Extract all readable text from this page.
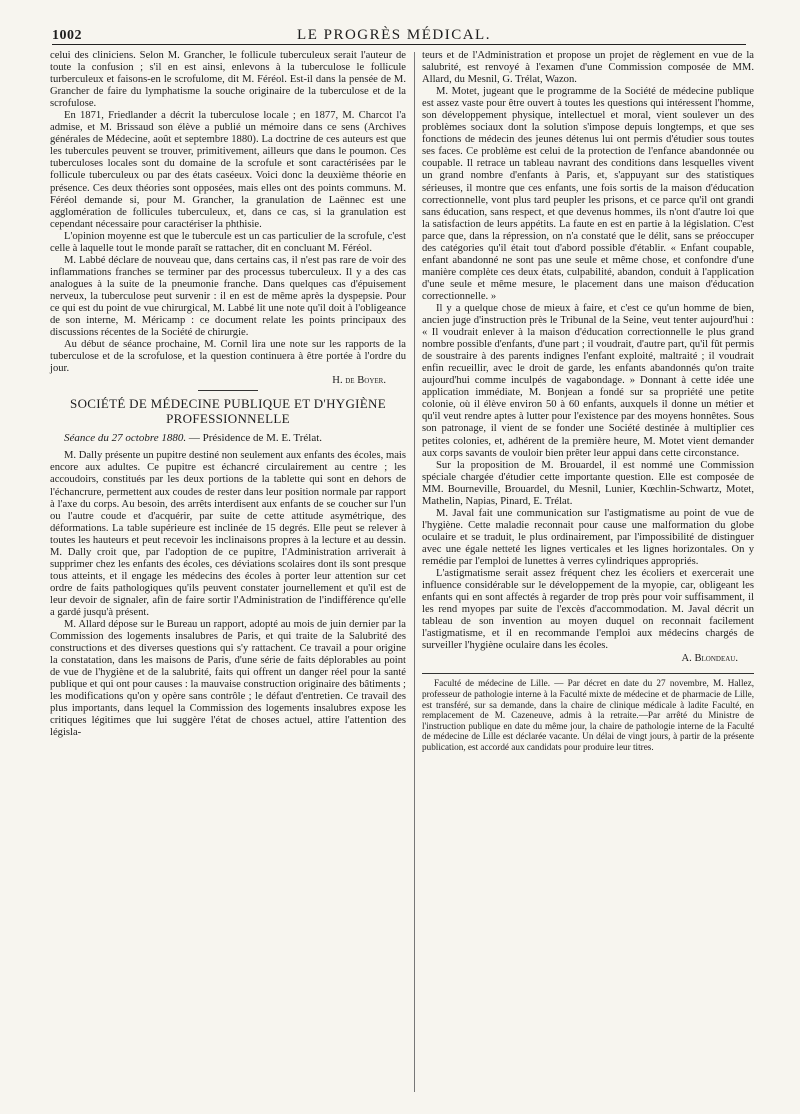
1002	LE PROGRÈS MÉDICAL.

celui des cliniciens. Selon M. Grancher, le follicule tuberculeux serait l'auteur de toute la confusion ; s'il en est ainsi, enlevons à la tuberculose le follicule turberculeux et faisons-en le scrofulome, dit M. Féréol. Est-il dans la pensée de M. Grancher de faire du lymphatisme la souche originaire de la tuberculose et de la scrofulose.

En 1871, Friedlander a décrit la tuberculose locale ; en 1877, M. Charcot l'a admise, et M. Brissaud son élève a publié un mémoire dans ce sens (Archives générales de Médecine, août et septembre 1880). La doctrine de ces auteurs est que les tubercules peuvent se trouver, primitivement, ailleurs que dans le poumon. Ces tuberculoses locales sont du domaine de la scrofule et sont caractérisées par le follicule tuberculeux ou par des états caséeux. Voici donc la deuxième théorie en présence. Ces deux théories sont opposées, mais elles ont des points communs. M. Féréol demande si, pour M. Grancher, la granulation de Laënnec est une agglomération de follicules tuberculeux, et, dans ce cas, si la granulation est cependant nécessaire pour caractériser la phthisie.

L'opinion moyenne est que le tubercule est un cas particulier de la scrofule, c'est celle à laquelle tout le monde paraît se rattacher, dit en concluant M. Féréol.

M. Labbé déclare de nouveau que, dans certains cas, il n'est pas rare de voir des inflammations franches se terminer par des processus tuberculeux. Il y a des cas analogues à la suite de la pneumonie franche. Dans quelques cas d'épuisement nerveux, la tuberculose peut survenir : il en est de même après la dyspepsie. Pour ce qui est du point de vue chirurgical, M. Labbé lit une note qu'il doit à l'obligeance de son interne, M. Méricamp : ce document relate les points principaux des discussions récentes de la Société de chirurgie.

Au début de séance prochaine, M. Cornil lira une note sur les rapports de la tuberculose et de la scrofulose, et la question continuera à être portée à l'ordre du jour.

H. de Boyer.
SOCIÉTÉ DE MÉDECINE PUBLIQUE ET D'HYGIÈNE
PROFESSIONNELLE
Séance du 27 octobre 1880. — Présidence de M. E. Trélat.

M. Dally présente un pupitre destiné non seulement aux enfants des écoles, mais encore aux adultes. Ce pupitre est échancré circulairement au centre ; les accoudoirs, constitués par les deux portions de la tablette qui sont en dehors de l'échancrure, permettent aux coudes de rester dans leur position normale par rapport à l'axe du corps. Au besoin, des arrêts interdisent aux enfants de se coucher sur l'un ou l'autre coude et d'acquérir, par suite de cette attitude asymétrique, des déformations. La table supérieure est inclinée de 15 degrés. Elle peut se relever à toutes les hauteurs et peut recevoir les inclinaisons propres à la lecture et au dessin. M. Dally croit que, par l'adoption de ce pupitre, l'Administration arriverait à supprimer chez les enfants des écoles, ces déviations scolaires dont ils sont presque tous atteints, et il engage les médecins des écoles à porter leur attention sur cet ordre de faits pathologiques qu'ils peuvent constater journellement et qu'il est de leur devoir de signaler, afin de faire sortir l'Administration de l'indifférence qu'elle a gardé jusqu'à présent.

M. Allard dépose sur le Bureau un rapport, adopté au mois de juin dernier par la Commission des logements insalubres de Paris, et qui traite de la Salubrité des constructions et des diverses questions qui s'y rattachent. Ce travail a pour origine la constatation, dans les maisons de Paris, d'une série de faits déplorables au point de vue de l'hygiène et de la salubrité, faits qui offrent un danger réel pour la santé publique et qui ont pour causes : la mauvaise construction originaire des bâtiments ; les modifications qu'on y opère sans contrôle ; le défaut d'entretien. Ce travail des plus importants, dans lequel la Commission des logements insalubres expose les critiques légitimes que lui suggère l'état de choses actuel, attire l'attention des législa-

teurs et de l'Administration et propose un projet de règlement en vue de la salubrité, est renvoyé à l'examen d'une Commission composée de MM. Allard, du Mesnil, G. Trélat, Wazon.

M. Motet, jugeant que le programme de la Société de médecine publique est assez vaste pour être ouvert à toutes les questions qui intéressent l'homme, son développement physique, intellectuel et moral, vient soulever un des problèmes sociaux dont la solution s'impose depuis longtemps, et que ses fonctions de médecin des jeunes détenus lui ont permis d'étudier sous toutes ses faces. Ce problème est celui de la protection de l'enfance abandonnée ou coupable. Il retrace un tableau navrant des conditions dans lesquelles vivent un grand nombre d'enfants à Paris, et, s'appuyant sur des statistiques sérieuses, il montre que ces enfants, une fois sortis de la maison d'éducation correctionnelle, vont plus tard peupler les prisons, et ce parce qu'il ont grandi sans éducation, sans respect, et que devenus hommes, ils n'ont d'autre loi que la satisfaction de leurs appétits. La faute en est en partie à la législation. C'est parce que, dans la répression, on n'a constaté que le délit, sans se préoccuper des catégories qu'il était tout d'abord possible d'établir. « Enfant coupable, enfant abandonné ne sont pas une seule et même chose, et confondre d'une manière complète ces deux états, culpabilité, abandon, conduit à l'application d'une seule et même mesure, le placement dans une maison d'éducation correctionnelle. »

Il y a quelque chose de mieux à faire, et c'est ce qu'un homme de bien, ancien juge d'instruction près le Tribunal de la Seine, veut tenter aujourd'hui : « Il voudrait enlever à la maison d'éducation correctionnelle le plus grand nombre possible d'enfants, d'une part ; il voudrait, d'autre part, qu'il fût permis de soustraire à des parents indignes l'enfant exploité, maltraité ; il voudrait enfin recueillir, avec le droit de garde, les enfants abandonnés qu'on traite aujourd'hui comme inculpés de vagabondage. » Donnant à cette idée une application immédiate, M. Bonjean a fondé sur sa propriété une petite colonie, où il élève environ 50 à 60 enfants, auxquels il donne un métier et qu'il veut rendre aptes à lutter pour l'existence par des moyens honnêtes. Sous son patronage, il vient de se fonder une Société destinée à multiplier ces petites colonies, et, adhérent de la première heure, M. Motet vient demander aux corps savants de vouloir bien prêter leur appui dans cette circonstance.

Sur la proposition de M. Brouardel, il est nommé une Commission spéciale chargée d'étudier cette importante question. Elle est composée de MM. Bourneville, Brouardel, du Mesnil, Lunier, Kœchlin-Schwartz, Motet, Mathelin, Napias, Pinard, E. Trélat.

M. Javal fait une communication sur l'astigmatisme au point de vue de l'hygiène. Cette maladie reconnait pour cause une malformation du globe oculaire et se traduit, le plus ordinairement, par l'impossibilité de distinguer avec une égale netteté les lignes verticales et les lignes horizontales. On y remédie par l'emploi de lunettes à verres cylindriques appropriés.

L'astigmatisme serait assez fréquent chez les écoliers et exercerait une influence considérable sur le développement de la myopie, car, obligeant les enfants qui en sont affectés à regarder de trop près pour voir suffisamment, il les rend myopes par suite de l'excès d'accommodation. M. Javal décrit un tableau de son invention au moyen duquel on reconnait facilement l'astigmatisme, et il en recommande l'emploi aux médecins chargés de surveiller l'hygiène oculaire dans les écoles.

A. Blondeau.

Faculté de médecine de Lille. — Par décret en date du 27 novembre, M. Hallez, professeur de pathologie interne à la Faculté mixte de médecine et de pharmacie de Lille, est transféré, sur sa demande, dans la chaire de clinique médicale à ladite Faculté, en remplacement de M. Cazeneuve, admis à la retraite.—Par arrêté du Ministre de l'instruction publique en date du même jour, la chaire de pathologie interne de la Faculté de médecine de Lille est déclarée vacante. Un délai de vingt jours, à partir de la présente publication, est accordé aux candidats pour produire leur titres.
